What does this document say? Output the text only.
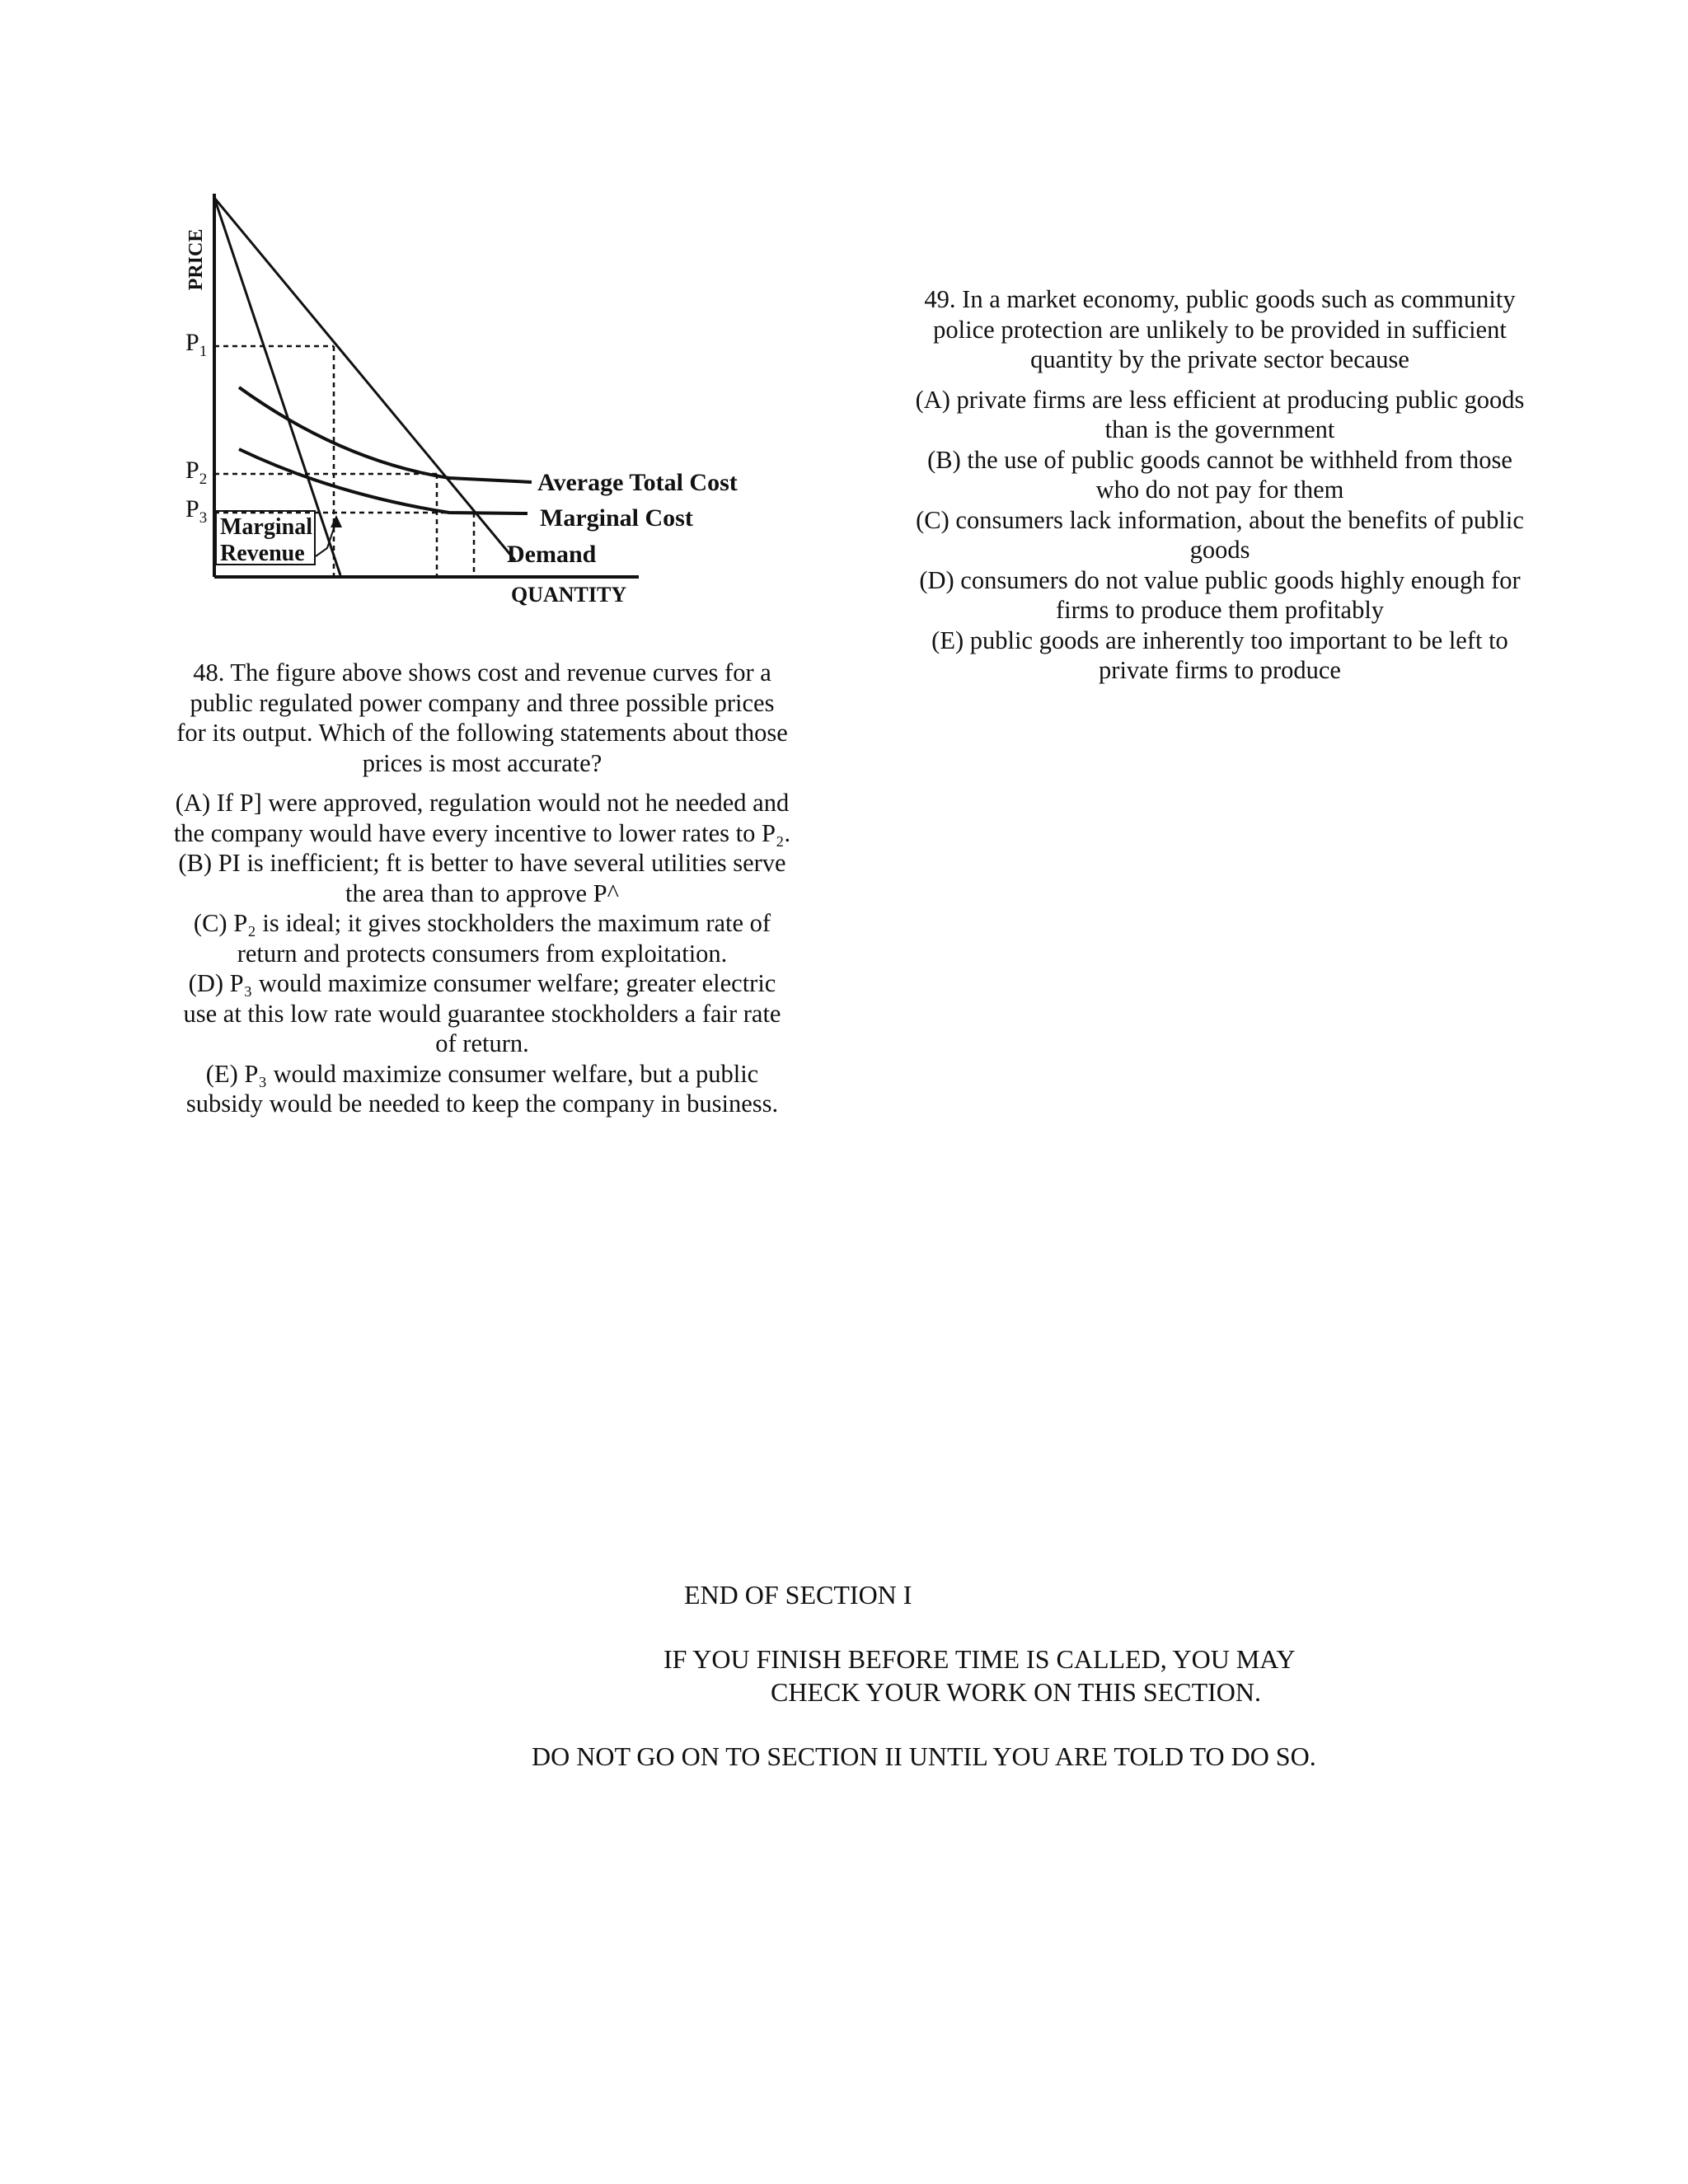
PRICE
$P_1$
$P_2$
$P_3$
Average Total Cost
Marginal Cost
Demand
Marginal
Revenue
QUANTITY

48. The figure above shows cost and revenue curves for a public regulated power company and three possible prices for its output. Which of the following statements about those prices is most accurate?

(A) If P] were approved, regulation would not he needed and the company would have every incentive to lower rates to P₂.

(B) PI is inefficient; ft is better to have several utilities serve the area than to approve P^

(C) P₂ is ideal; it gives stockholders the maximum rate of return and protects consumers from exploitation.

(D) P₃ would maximize consumer welfare; greater electric use at this low rate would guarantee stockholders a fair rate of return.

(E) P₃ would maximize consumer welfare, but a public subsidy would be needed to keep the company in business.

49. In a market economy, public goods such as community police protection are unlikely to be provided in sufficient quantity by the private sector because

(A) private firms are less efficient at producing public goods than is the government

(B) the use of public goods cannot be withheld from those who do not pay for them

(C) consumers lack information, about the benefits of public goods

(D) consumers do not value public goods highly enough for firms to produce them profitably

(E) public goods are inherently too important to be left to private firms to produce

END OF SECTION I
IF YOU FINISH BEFORE TIME IS CALLED, YOU MAY
CHECK YOUR WORK ON THIS SECTION.
DO NOT GO ON TO SECTION II UNTIL YOU ARE TOLD TO DO SO.
